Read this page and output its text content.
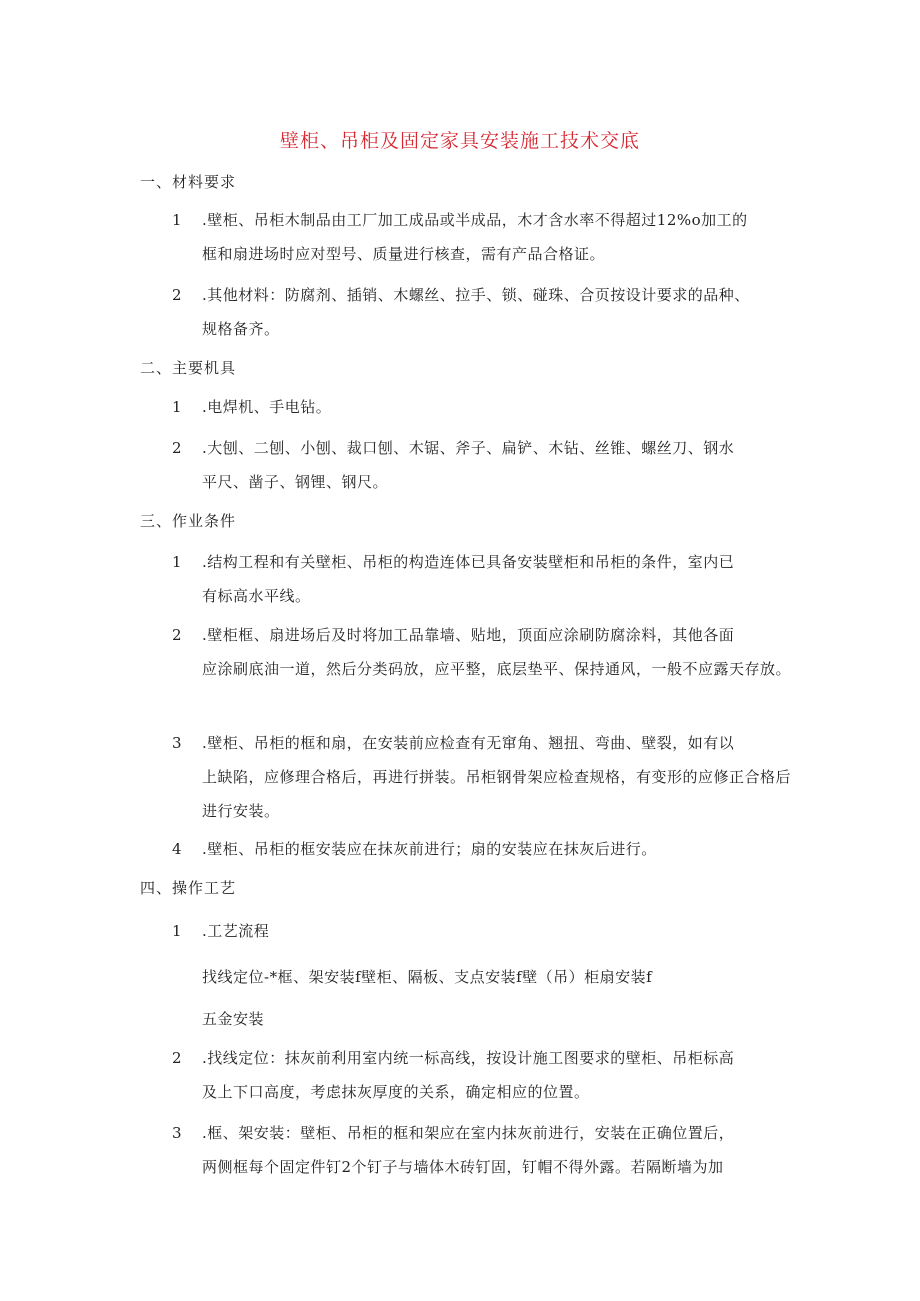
壁柜、吊柜及固定家具安装施工技术交底
一、材料要求
1	.壁柜、吊柜木制品由工厂加工成品或半成品，木才含水率不得超过12%o加工的
框和扇进场时应对型号、质量进行核查，需有产品合格证。
2	.其他材料：防腐剂、插销、木螺丝、拉手、锁、碰珠、合页按设计要求的品种、
规格备齐。
二、主要机具
1	.电焊机、手电钻。
2	.大刨、二刨、小刨、裁口刨、木锯、斧子、扁铲、木钻、丝锥、螺丝刀、钢水
平尺、凿子、钢锂、钢尺。
三、作业条件
1	.结构工程和有关壁柜、吊柜的构造连体已具备安装壁柜和吊柜的条件，室内已
有标高水平线。
2	.壁柜框、扇进场后及时将加工品靠墙、贴地，顶面应涂刷防腐涂料，其他各面
应涂刷底油一道，然后分类码放，应平整，底层垫平、保持通风，一般不应露天存放。
3	.壁柜、吊柜的框和扇，在安装前应检查有无窜角、翘扭、弯曲、壁裂，如有以
上缺陷，应修理合格后，再进行拼装。吊柜钢骨架应检查规格，有变形的应修正合格后进行安装。
4	.壁柜、吊柜的框安装应在抹灰前进行；扇的安装应在抹灰后进行。
四、操作工艺
1	.工艺流程
找线定位-*框、架安装f壁柜、隔板、支点安装f壁（吊）柜扇安装f
五金安装
2	.找线定位：抹灰前利用室内统一标高线，按设计施工图要求的壁柜、吊柜标高
及上下口高度，考虑抹灰厚度的关系，确定相应的位置。
3	.框、架安装：壁柜、吊柜的框和架应在室内抹灰前进行，安装在正确位置后，
两侧框每个固定件钉2个钉子与墙体木砖钉固，钉帽不得外露。若隔断墙为加
